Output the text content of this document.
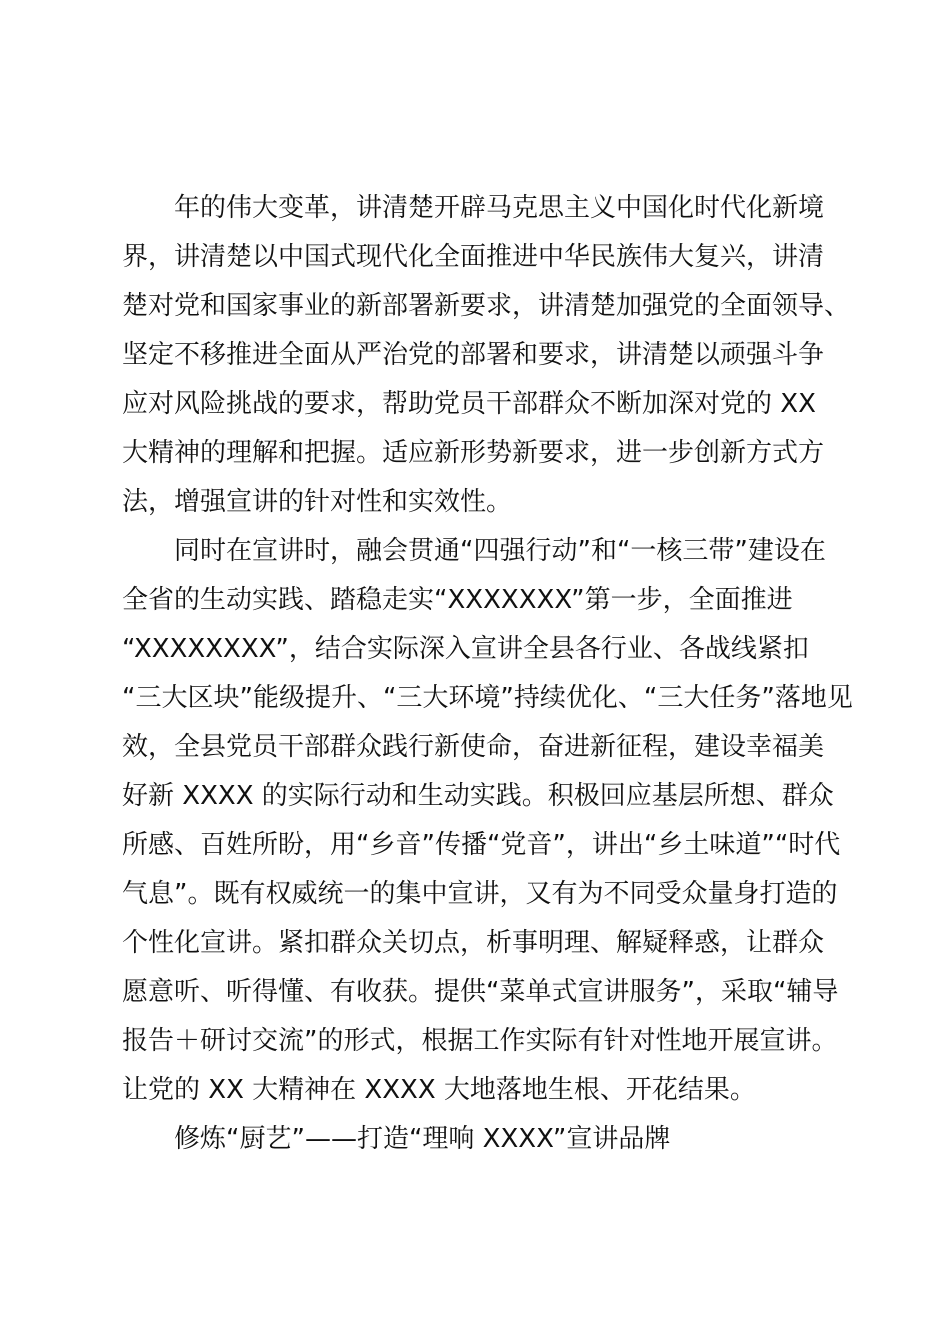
年的伟大变革，讲清楚开辟马克思主义中国化时代化新境
界，讲清楚以中国式现代化全面推进中华民族伟大复兴，讲清
楚对党和国家事业的新部署新要求，讲清楚加强党的全面领导、
坚定不移推进全面从严治党的部署和要求，讲清楚以顽强斗争
应对风险挑战的要求，帮助党员干部群众不断加深对党的 XX
大精神的理解和把握。适应新形势新要求，进一步创新方式方
法，增强宣讲的针对性和实效性。
同时在宣讲时，融会贯通“四强行动”和“一核三带”建设在
全省的生动实践、踏稳走实“XXXXXXX”第一步，全面推进
“XXXXXXXX”，结合实际深入宣讲全县各行业、各战线紧扣
“三大区块”能级提升、“三大环境”持续优化、“三大任务”落地见
效，全县党员干部群众践行新使命，奋进新征程，建设幸福美
好新 XXXX 的实际行动和生动实践。积极回应基层所想、群众
所感、百姓所盼，用“乡音”传播“党音”，讲出“乡土味道”“时代
气息”。既有权威统一的集中宣讲，又有为不同受众量身打造的
个性化宣讲。紧扣群众关切点，析事明理、解疑释惑，让群众
愿意听、听得懂、有收获。提供“菜单式宣讲服务”，采取“辅导
报告＋研讨交流”的形式，根据工作实际有针对性地开展宣讲。
让党的 XX 大精神在 XXXX 大地落地生根、开花结果。
修炼“厨艺”——打造“理响 XXXX”宣讲品牌
